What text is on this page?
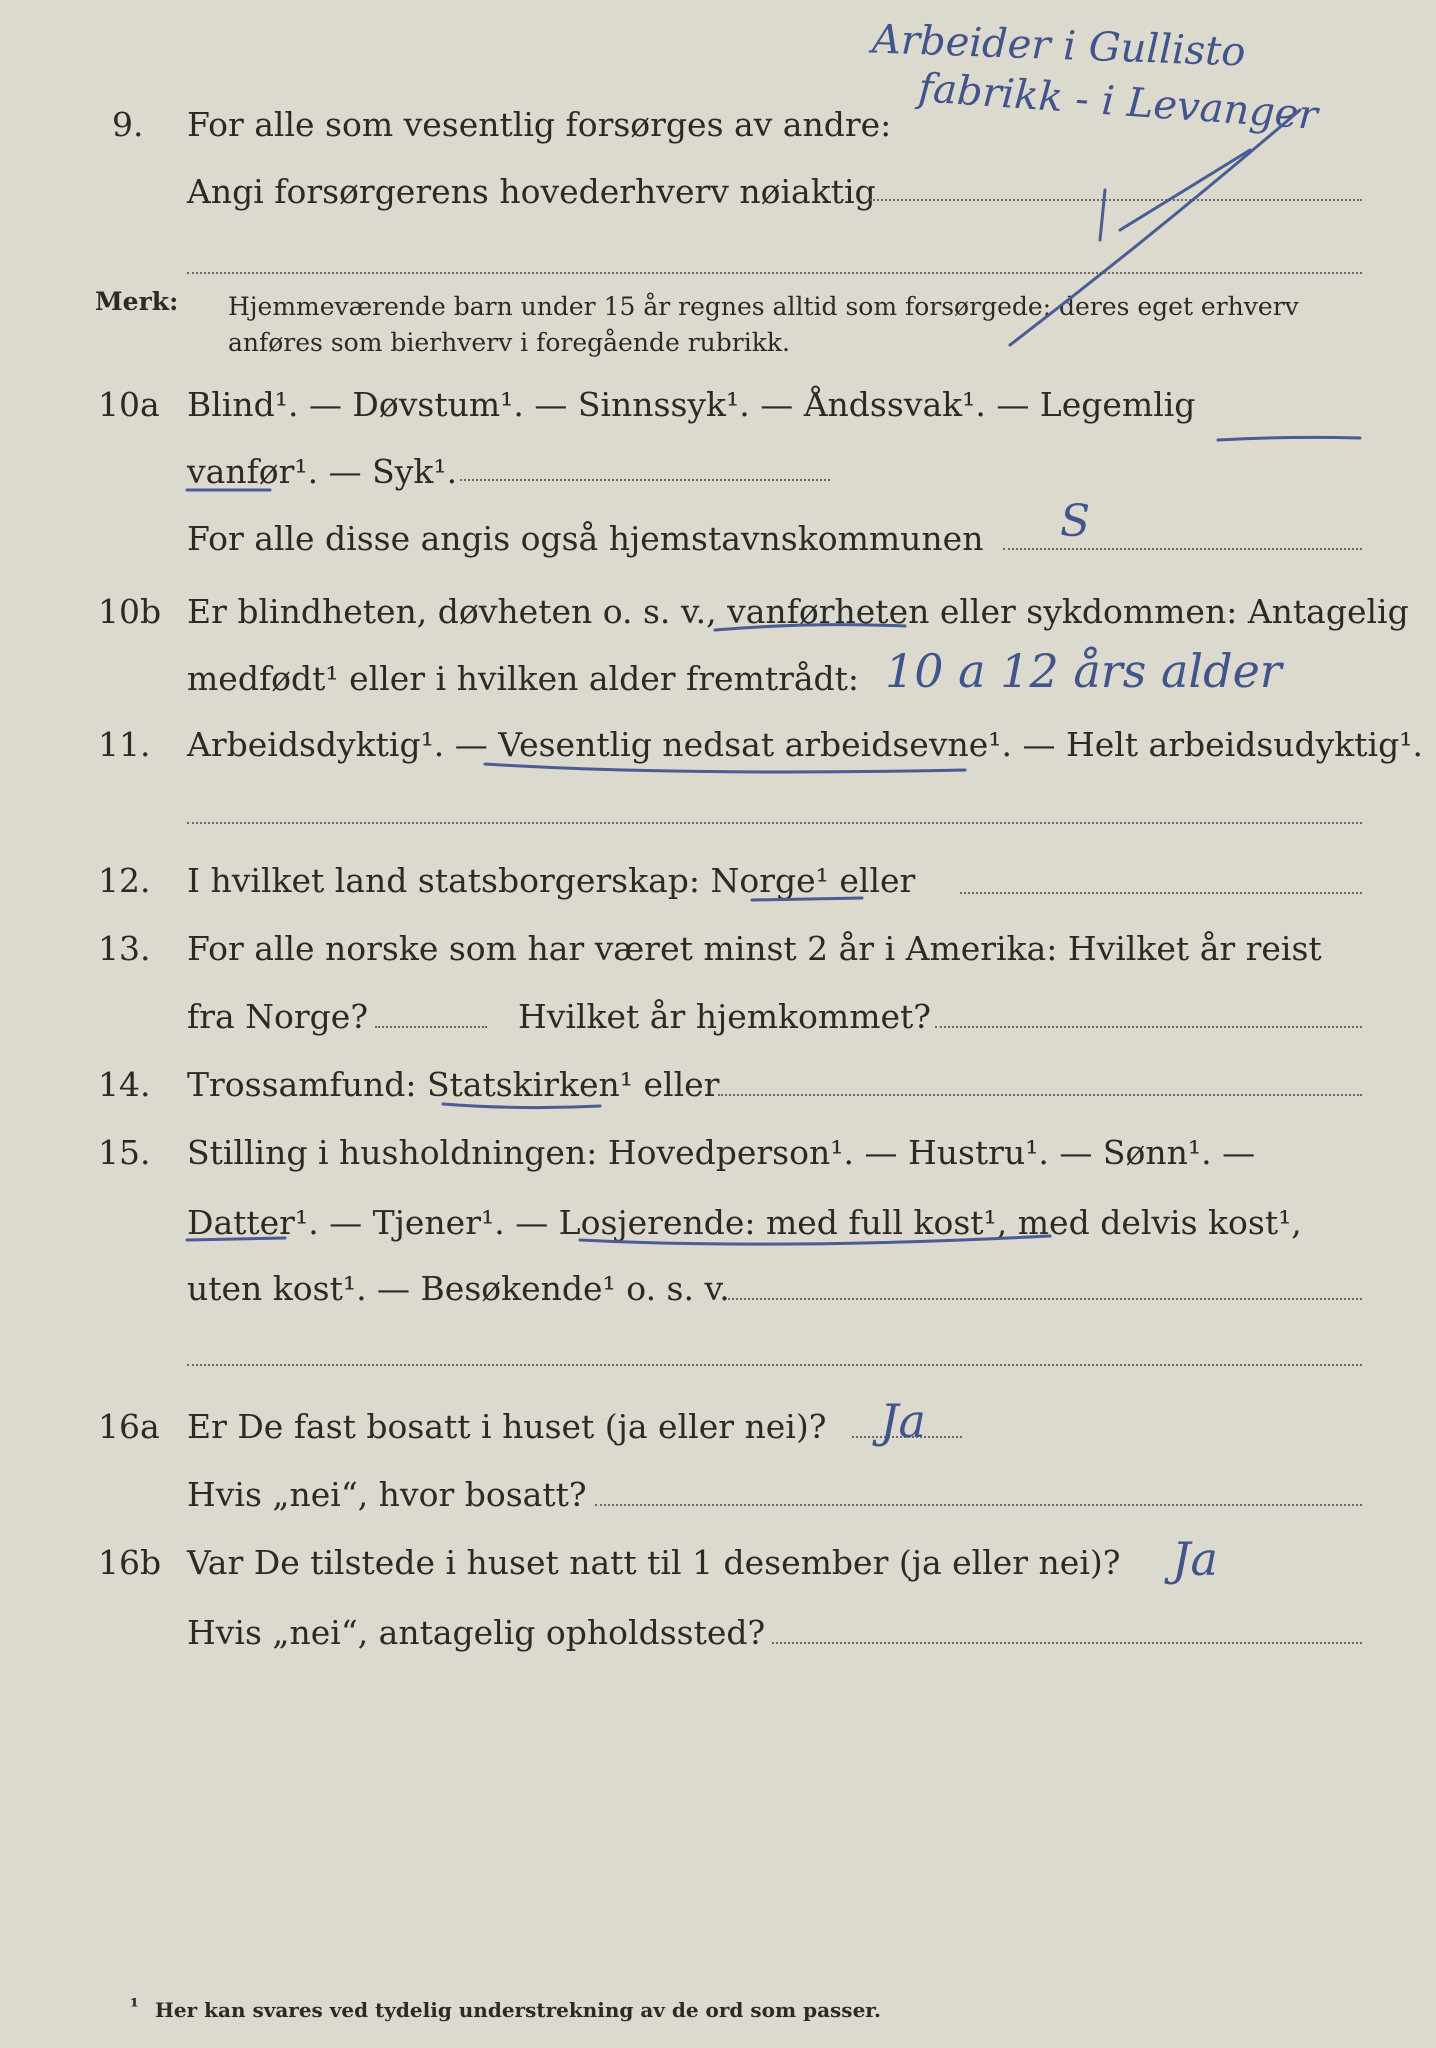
9. For alle som vesentlig forsørges av andre:
Angi forsørgerens hovederhverv nøiaktig
Arbeider i Gullisto
fabrikk - i Levanger
Merk: Hjemmeværende barn under 15 år regnes alltid som forsørgede; deres eget erhverv
anføres som bierhverv i foregående rubrikk.
10a Blind¹. — Døvstum¹. — Sinnssyk¹. — Åndssvak¹. — Legemlig
vanfør¹. — Syk¹.
For alle disse angis også hjemstavnskommunen S
10b Er blindheten, døvheten o. s. v., vanførheten eller sykdommen: Antagelig
medfødt¹ eller i hvilken alder fremtrådt: 10 a 12 års alder
11. Arbeidsdyktig¹. — Vesentlig nedsat arbeidsevne¹. — Helt arbeidsudyktig¹.
12. I hvilket land statsborgerskap: Norge¹ eller
13. For alle norske som har været minst 2 år i Amerika: Hvilket år reist
fra Norge?	Hvilket år hjemkommet?
14. Trossamfund: Statskirken¹ eller
15. Stilling i husholdningen: Hovedperson¹. — Hustru¹. — Sønn¹. —
Datter¹. — Tjener¹. — Losjerende: med full kost¹, med delvis kost¹,
uten kost¹. — Besøkende¹ o. s. v.
16a Er De fast bosatt i huset (ja eller nei)? Ja
Hvis „nei“, hvor bosatt?
16b Var De tilstede i huset natt til 1 desember (ja eller nei)? Ja
Hvis „nei“, antagelig opholdssted?
¹ Her kan svares ved tydelig understrekning av de ord som passer.
